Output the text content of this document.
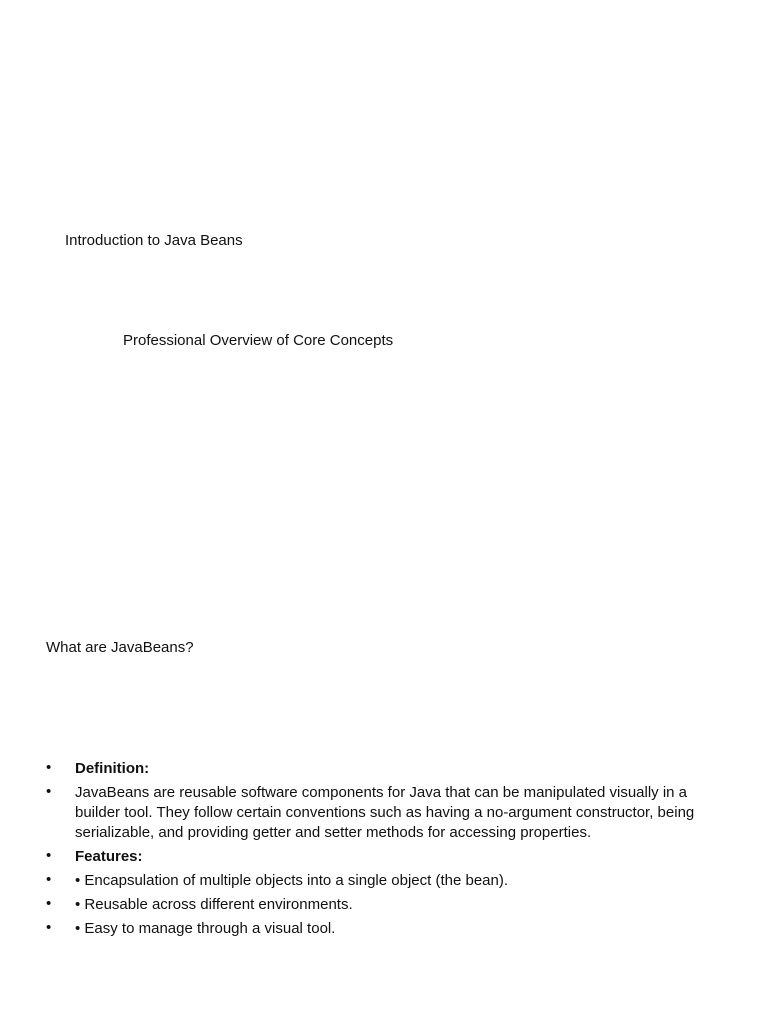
Introduction to Java Beans
Professional Overview of Core Concepts
What are JavaBeans?
•	Definition:
•	JavaBeans are reusable software components for Java that can be manipulated visually in a builder tool. They follow certain conventions such as having a no-argument constructor, being serializable, and providing getter and setter methods for accessing properties.
•	Features:
•	• Encapsulation of multiple objects into a single object (the bean).
•	• Reusable across different environments.
•	• Easy to manage through a visual tool.
